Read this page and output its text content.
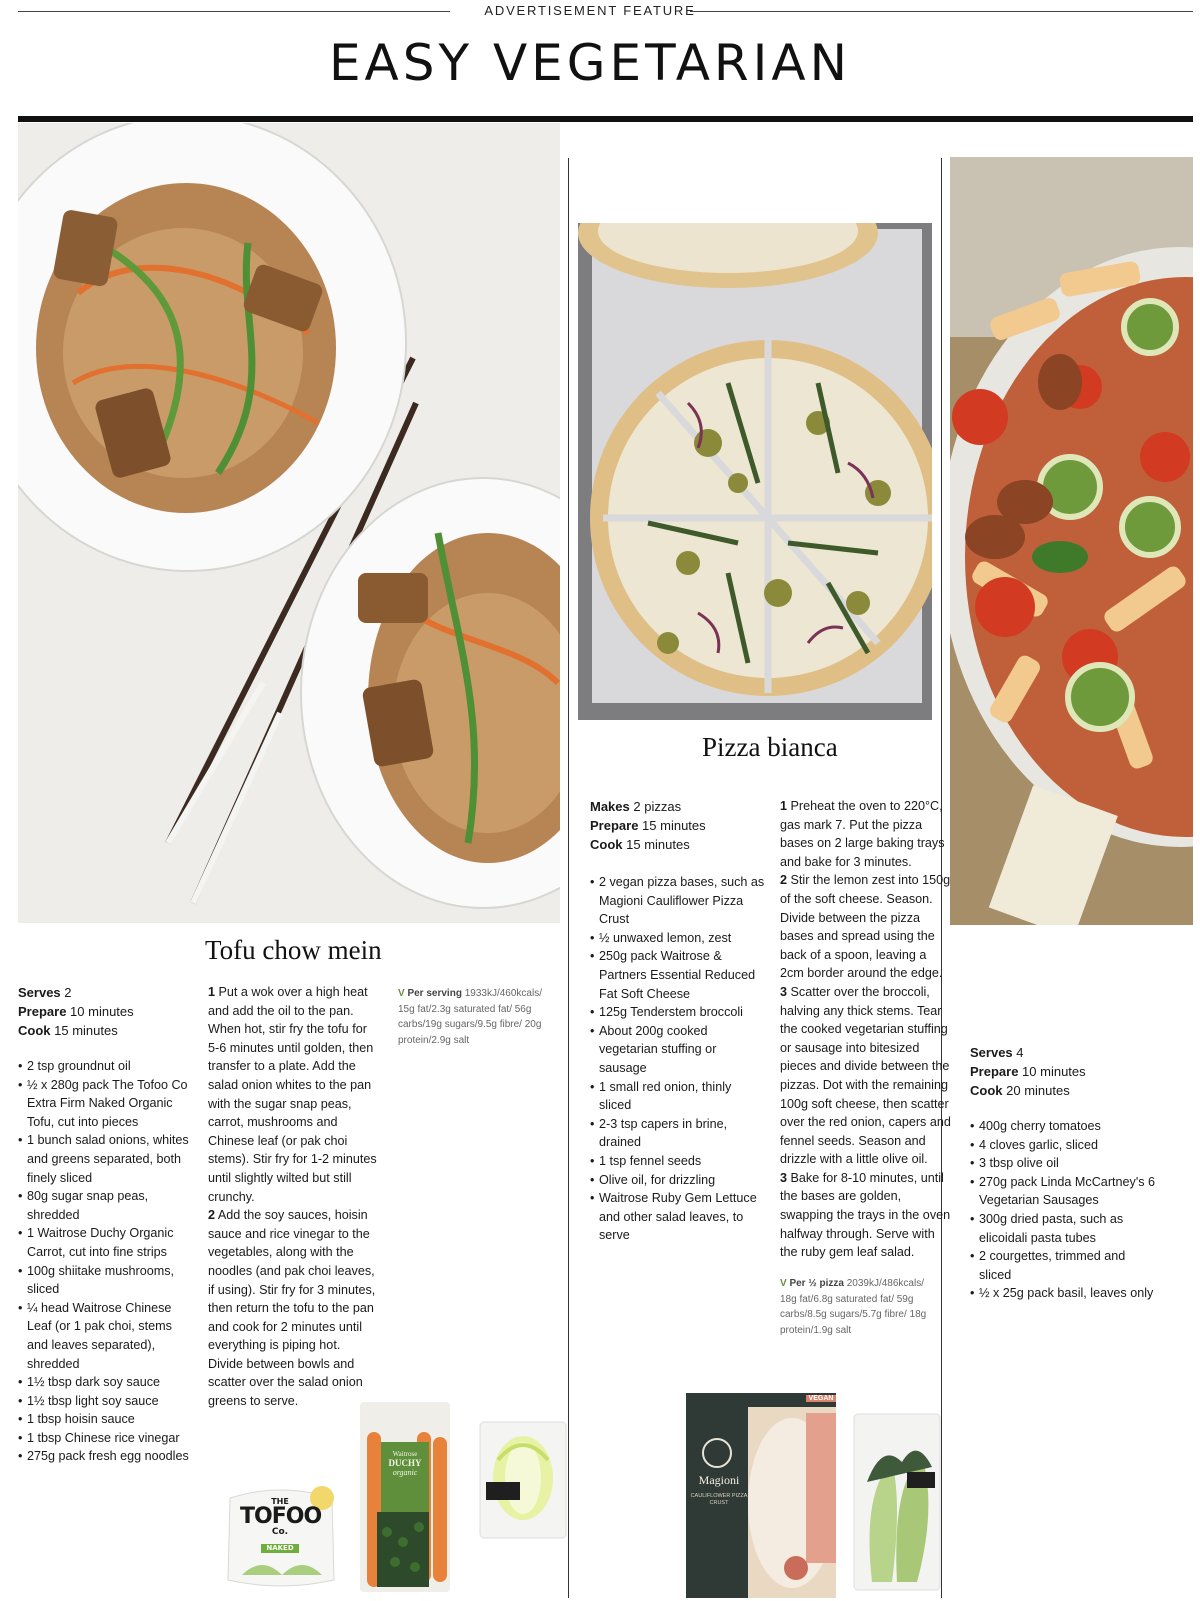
ADVERTISEMENT FEATURE
EASY VEGETARIAN
Tofu chow mein
Serves 2
Prepare 10 minutes
Cook 15 minutes
• 2 tsp groundnut oil
• ½ x 280g pack The Tofoo Co Extra Firm Naked Organic Tofu, cut into pieces
• 1 bunch salad onions, whites and greens separated, both finely sliced
• 80g sugar snap peas, shredded
• 1 Waitrose Duchy Organic Carrot, cut into fine strips
• 100g shiitake mushrooms, sliced
• ¼ head Waitrose Chinese Leaf (or 1 pak choi, stems and leaves separated), shredded
• 1½ tbsp dark soy sauce
• 1½ tbsp light soy sauce
• 1 tbsp hoisin sauce
• 1 tbsp Chinese rice vinegar
• 275g pack fresh egg noodles

1 Put a wok over a high heat and add the oil to the pan. When hot, stir fry the tofu for 5-6 minutes until golden, then transfer to a plate. Add the salad onion whites to the pan with the sugar snap peas, carrot, mushrooms and Chinese leaf (or pak choi stems). Stir fry for 1-2 minutes until slightly wilted but still crunchy.

2 Add the soy sauces, hoisin sauce and rice vinegar to the vegetables, along with the noodles (and pak choi leaves, if using). Stir fry for 3 minutes, then return the tofu to the pan and cook for 2 minutes until everything is piping hot. Divide between bowls and scatter over the salad onion greens to serve.

V Per serving 1933kJ/460kcals/ 15g fat/2.3g saturated fat/ 56g carbs/19g sugars/9.5g fibre/ 20g protein/2.9g salt
Pizza bianca
Makes 2 pizzas
Prepare 15 minutes
Cook 15 minutes
• 2 vegan pizza bases, such as Magioni Cauliflower Pizza Crust
• ½ unwaxed lemon, zest
• 250g pack Waitrose & Partners Essential Reduced Fat Soft Cheese
• 125g Tenderstem broccoli
• About 200g cooked vegetarian stuffing or sausage
• 1 small red onion, thinly sliced
• 2-3 tsp capers in brine, drained
• 1 tsp fennel seeds
• Olive oil, for drizzling
• Waitrose Ruby Gem Lettuce and other salad leaves, to serve

1 Preheat the oven to 220°C, gas mark 7. Put the pizza bases on 2 large baking trays and bake for 3 minutes.

2 Stir the lemon zest into 150g of the soft cheese. Season. Divide between the pizza bases and spread using the back of a spoon, leaving a 2cm border around the edge.

3 Scatter over the broccoli, halving any thick stems. Tear the cooked vegetarian stuffing or sausage into bitesized pieces and divide between the pizzas. Dot with the remaining 100g soft cheese, then scatter over the red onion, capers and fennel seeds. Season and drizzle with a little olive oil.

3 Bake for 8-10 minutes, until the bases are golden, swapping the trays in the oven halfway through. Serve with the ruby gem leaf salad.

V Per ½ pizza 2039kJ/486kcals/ 18g fat/6.8g saturated fat/ 59g carbs/8.5g sugars/5.7g fibre/ 18g protein/1.9g salt
Serves 4
Prepare 10 minutes
Cook 20 minutes
• 400g cherry tomatoes
• 4 cloves garlic, sliced
• 3 tbsp olive oil
• 270g pack Linda McCartney's 6 Vegetarian Sausages
• 300g dried pasta, such as elicoidali pasta tubes
• 2 courgettes, trimmed and sliced
• ½ x 25g pack basil, leaves only
THE
TOFOO
Co.
NAKED
Waitrose
DUCHY
organic
Magioni
CAULIFLOWER PIZZA CRUST
VEGAN
